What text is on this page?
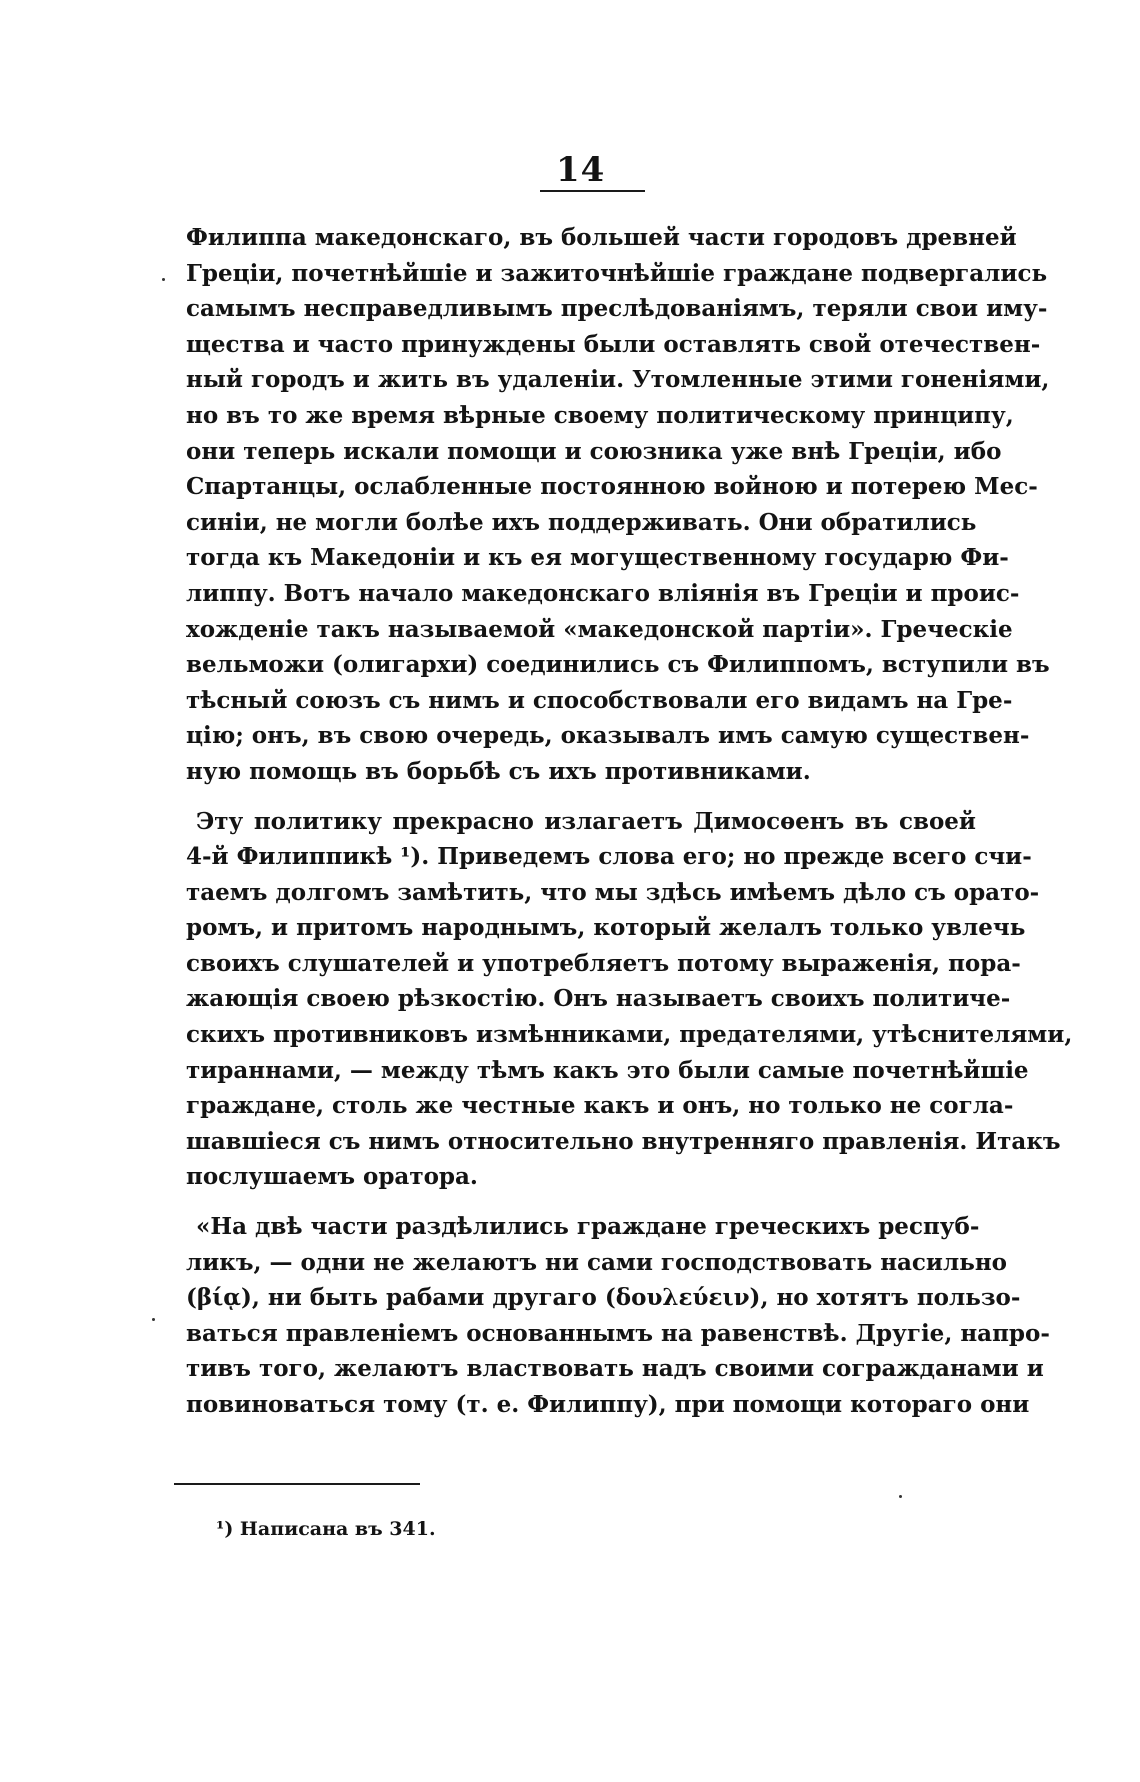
14
Филиппа македонскаго, въ большей части городовъ древней
Греціи, почетнѣйшіе и зажиточнѣйшіе граждане подвергались
самымъ несправедливымъ преслѣдованіямъ, теряли свои иму-
щества и часто принуждены были оставлять свой отечествен-
ный городъ и жить въ удаленіи. Утомленные этими гоненіями,
но въ то же время вѣрные своему политическому принципу,
они теперь искали помощи и союзника уже внѣ Греціи, ибо
Спартанцы, ослабленные постоянною войною и потерею Мес-
синіи, не могли болѣе ихъ поддерживать. Они обратились
тогда къ Македоніи и къ ея могущественному государю Фи-
липпу. Вотъ начало македонскаго вліянія въ Греціи и проис-
хожденіе такъ называемой «македонской партіи». Греческіе
вельможи (олигархи) соединились съ Филиппомъ, вступили въ
тѣсный союзъ съ нимъ и способствовали его видамъ на Гре-
цію; онъ, въ свою очередь, оказывалъ имъ самую существен-
ную помощь въ борьбѣ съ ихъ противниками.
Эту политику прекрасно излагаетъ Димосѳенъ въ своей
4-й Филиппикѣ ¹). Приведемъ слова его; но прежде всего счи-
таемъ долгомъ замѣтить, что мы здѣсь имѣемъ дѣло съ орато-
ромъ, и притомъ народнымъ, который желалъ только увлечь
своихъ слушателей и употребляетъ потому выраженія, пора-
жающія своею рѣзкостію. Онъ называетъ своихъ политиче-
скихъ противниковъ измѣнниками, предателями, утѣснителями,
тираннами, — между тѣмъ какъ это были самые почетнѣйшіе
граждане, столь же честные какъ и онъ, но только не согла-
шавшіеся съ нимъ относительно внутренняго правленія. Итакъ
послушаемъ оратора.
«На двѣ части раздѣлились граждане греческихъ респуб-
ликъ, — одни не желаютъ ни сами господствовать насильно
(βίᾳ), ни быть рабами другаго (δουλεύειν), но хотятъ пользо-
ваться правленіемъ основаннымъ на равенствѣ. Другіе, напро-
тивъ того, желаютъ властвовать надъ своими согражданами и
повиноваться тому (т. е. Филиппу), при помощи котораго они
¹) Написана въ 341.
